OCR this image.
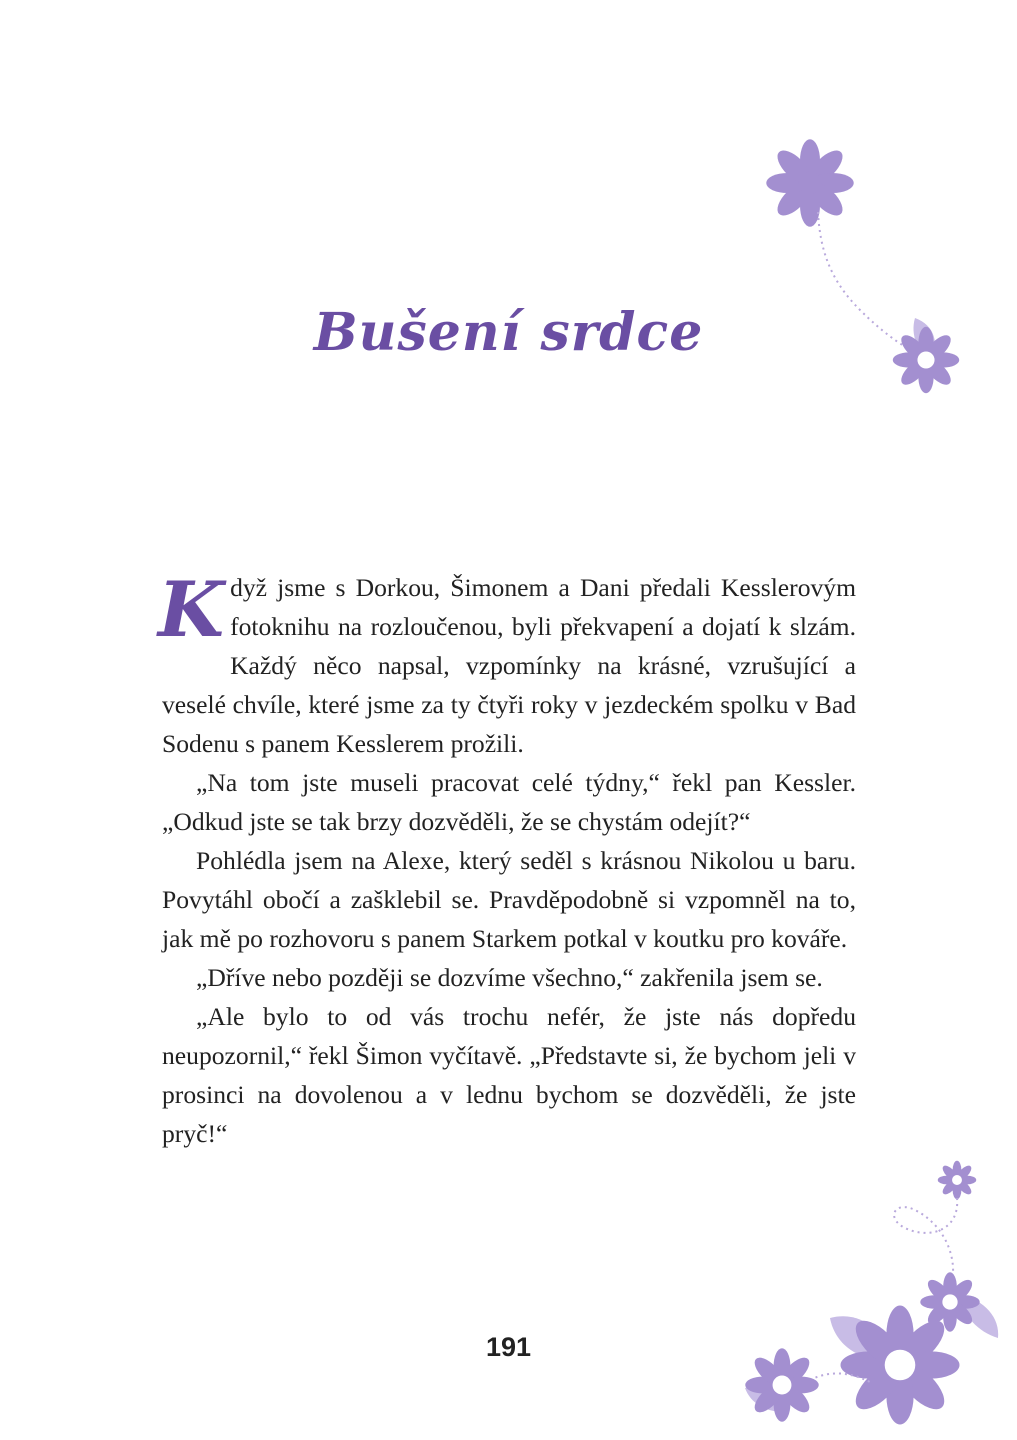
Bušení srdce

Když jsme s Dorkou, Šimonem a Dani předali Kesslerovým fotoknihu na rozloučenou, byli překvapení a dojatí k slzám. Každý něco napsal, vzpomínky na krásné, vzrušující a veselé chvíle, které jsme za ty čtyři roky v jezdeckém spolku v Bad Sodenu s panem Kesslerem prožili.

„Na tom jste museli pracovat celé týdny,“ řekl pan Kessler. „Odkud jste se tak brzy dozvěděli, že se chystám odejít?“

Pohlédla jsem na Alexe, který seděl s krásnou Nikolou u baru. Povytáhl obočí a zašklebil se. Pravděpodobně si vzpomněl na to, jak mě po rozhovoru s panem Starkem potkal v koutku pro kováře.

„Dříve nebo později se dozvíme všechno,“ zakřenila jsem se.

„Ale bylo to od vás trochu nefér, že jste nás dopředu neupozornil,“ řekl Šimon vyčítavě. „Představte si, že bychom jeli v prosinci na dovolenou a v lednu bychom se dozvěděli, že jste pryč!“

191
